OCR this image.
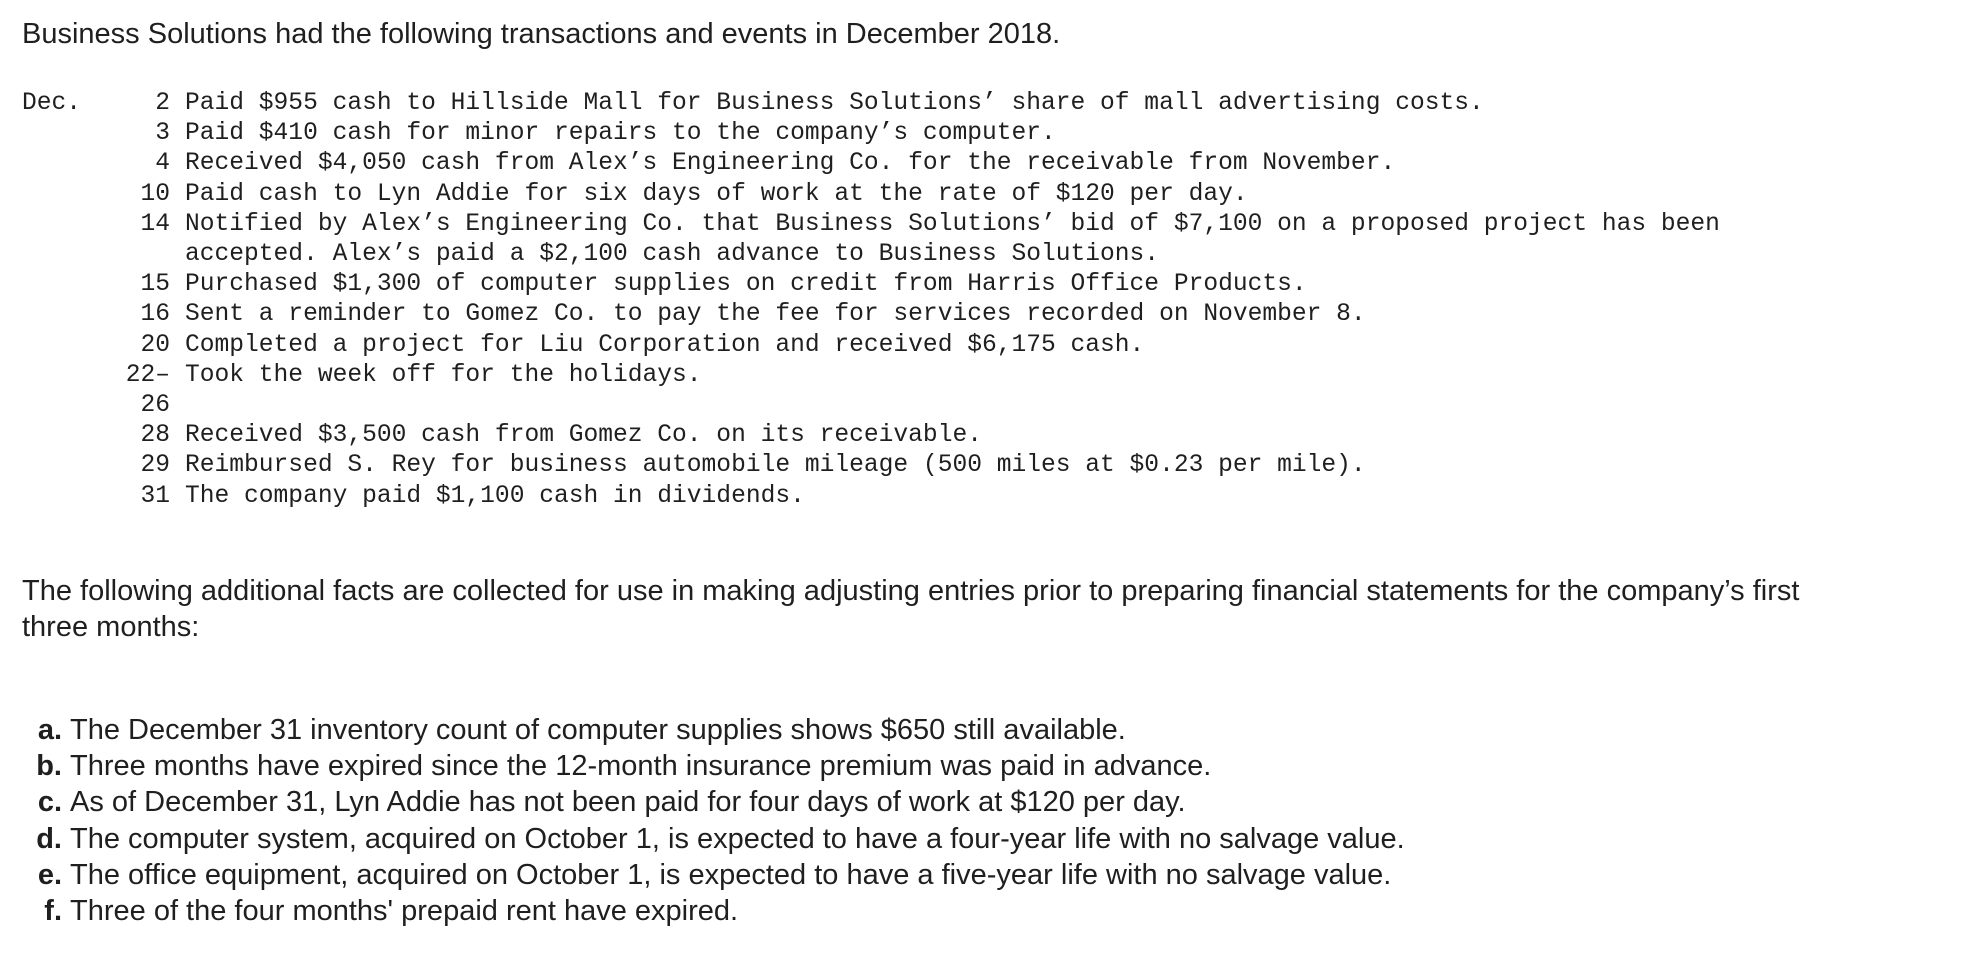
Business Solutions had the following transactions and events in December 2018.
Dec.	2 Paid $955 cash to Hillside Mall for Business Solutions’ share of mall advertising costs.
3 Paid $410 cash for minor repairs to the company’s computer.
4 Received $4,050 cash from Alex’s Engineering Co. for the receivable from November.
10 Paid cash to Lyn Addie for six days of work at the rate of $120 per day.
14 Notified by Alex’s Engineering Co. that Business Solutions’ bid of $7,100 on a proposed project has been
accepted. Alex’s paid a $2,100 cash advance to Business Solutions.
15 Purchased $1,300 of computer supplies on credit from Harris Office Products.
16 Sent a reminder to Gomez Co. to pay the fee for services recorded on November 8.
20 Completed a project for Liu Corporation and received $6,175 cash.
22– Took the week off for the holidays.
26
28 Received $3,500 cash from Gomez Co. on its receivable.
29 Reimbursed S. Rey for business automobile mileage (500 miles at $0.23 per mile).
31 The company paid $1,100 cash in dividends.
The following additional facts are collected for use in making adjusting entries prior to preparing financial statements for the company’s first three months:
a. The December 31 inventory count of computer supplies shows $650 still available.
b. Three months have expired since the 12-month insurance premium was paid in advance.
c. As of December 31, Lyn Addie has not been paid for four days of work at $120 per day.
d. The computer system, acquired on October 1, is expected to have a four-year life with no salvage value.
e. The office equipment, acquired on October 1, is expected to have a five-year life with no salvage value.
f. Three of the four months' prepaid rent have expired.
